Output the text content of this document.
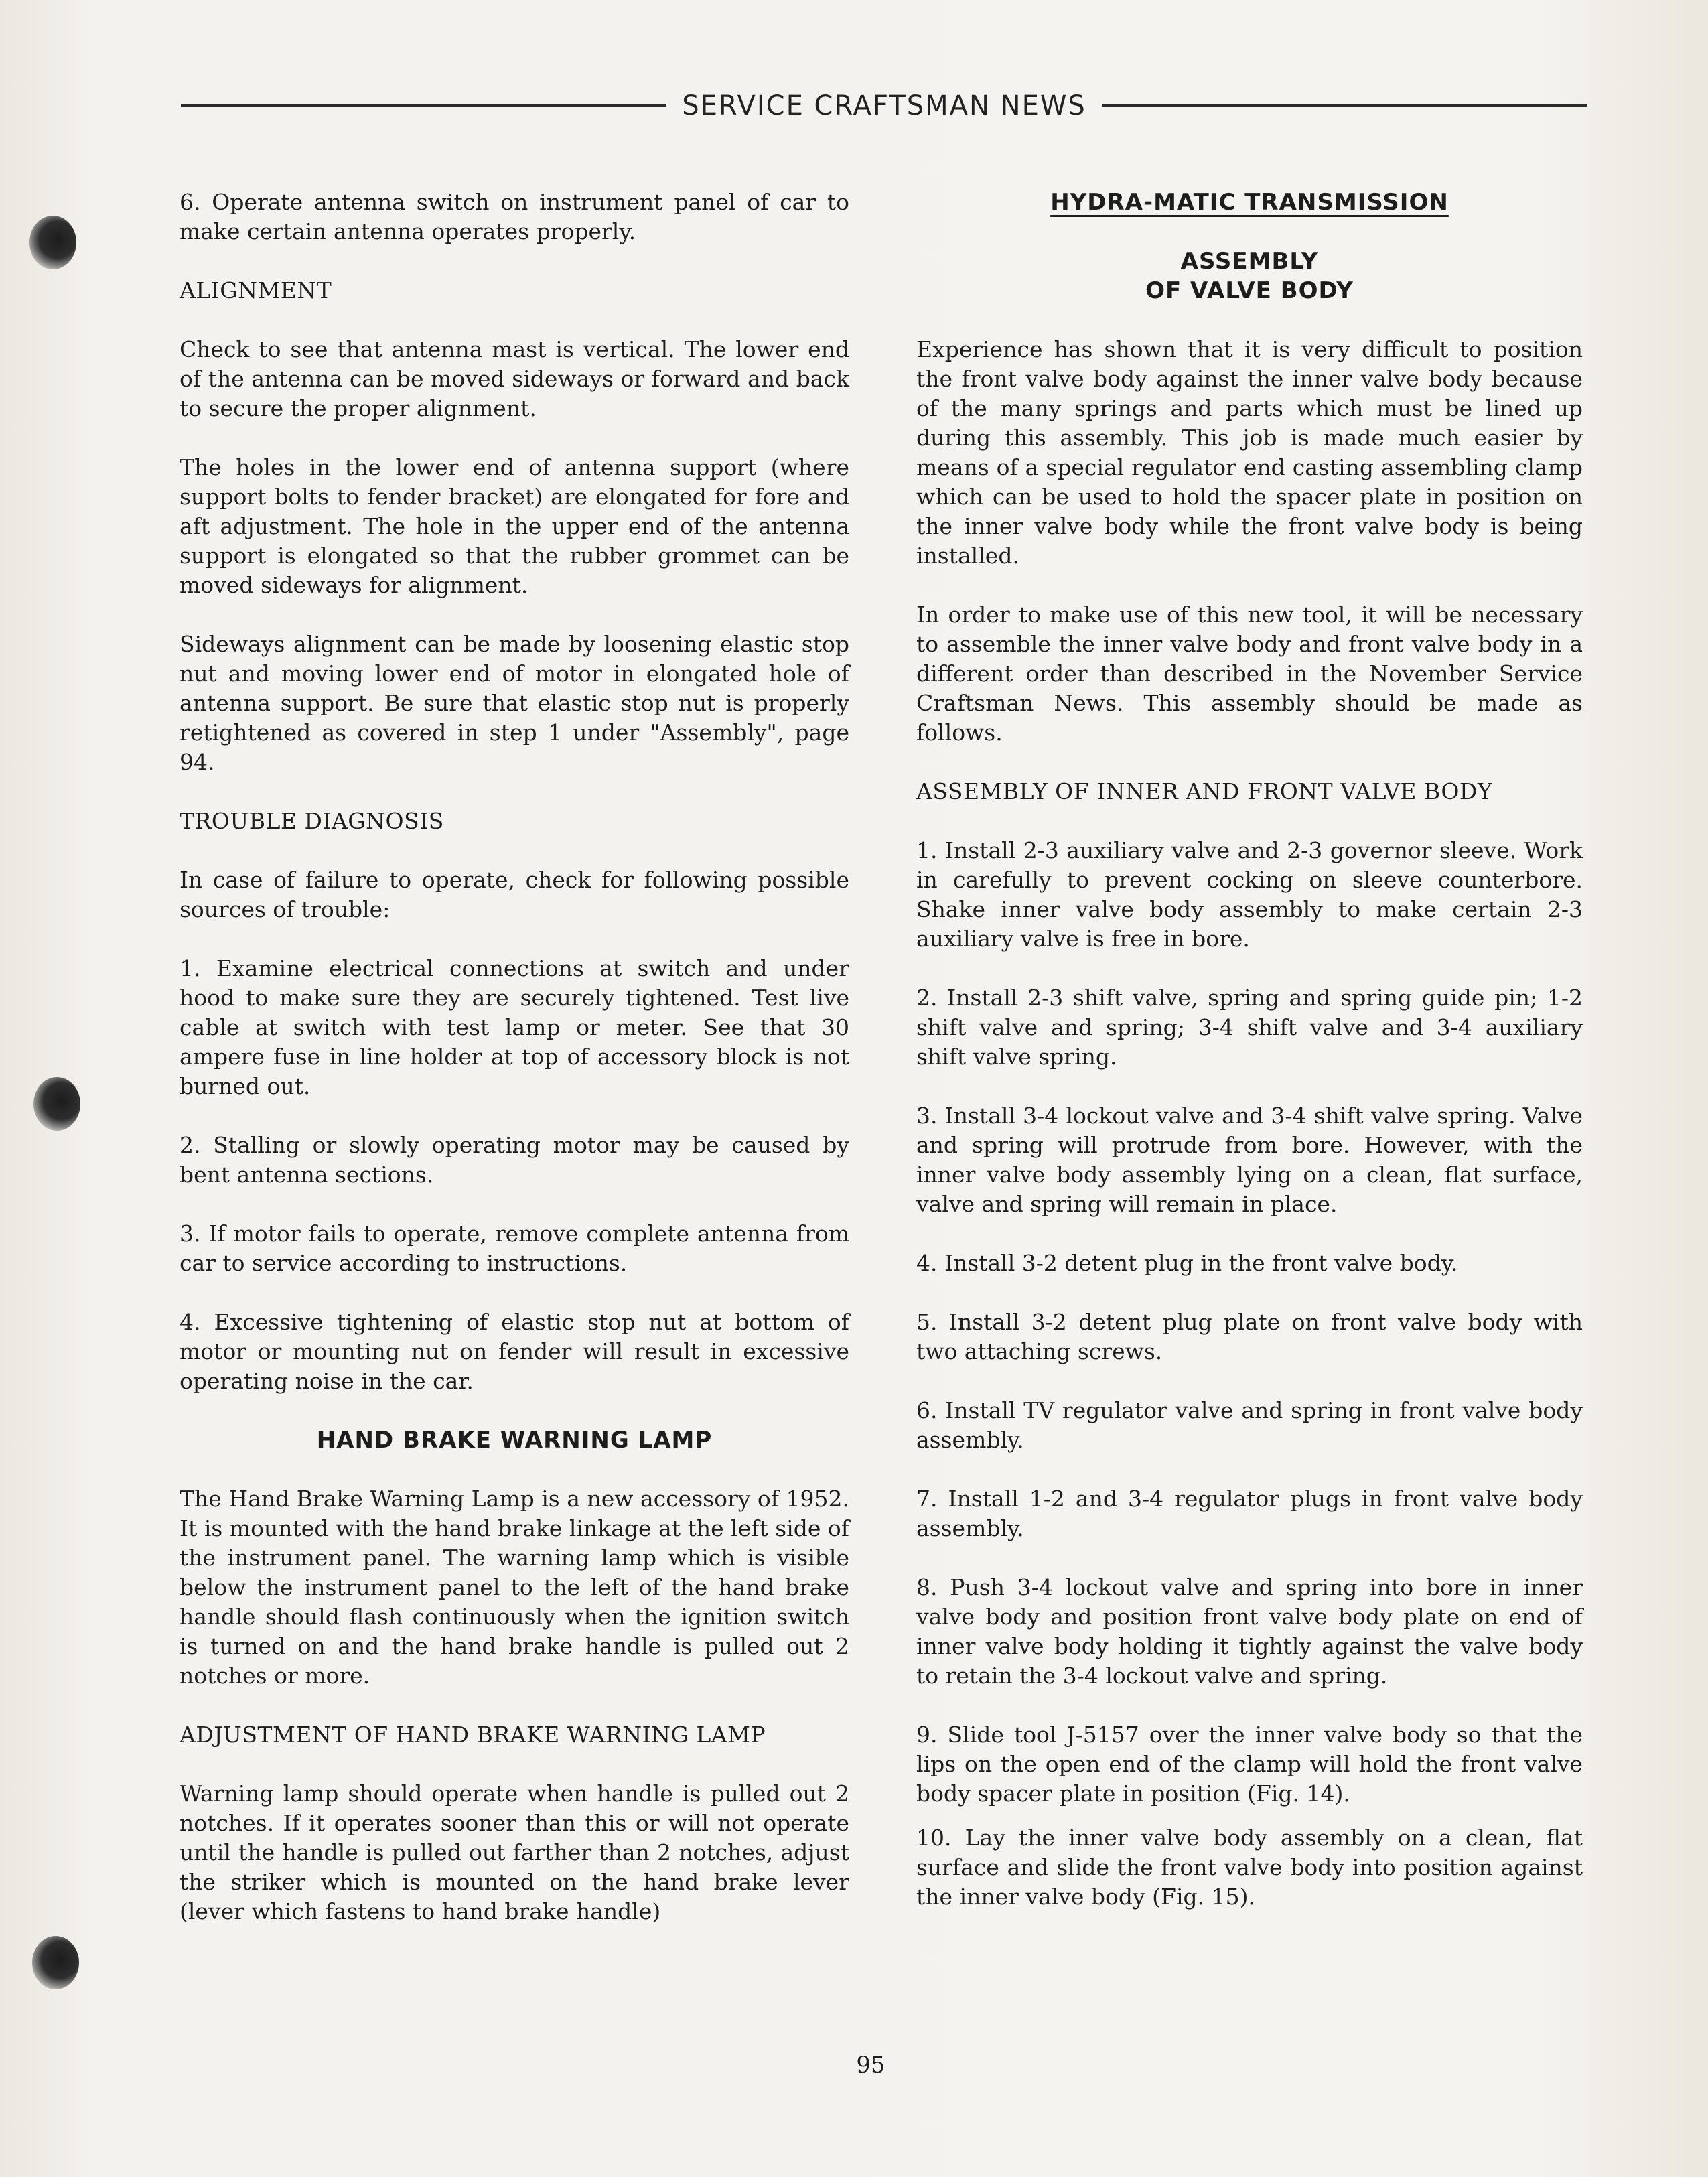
SERVICE CRAFTSMAN NEWS

6. Operate antenna switch on instrument panel of car to make certain antenna operates properly.

ALIGNMENT

Check to see that antenna mast is vertical. The lower end of the antenna can be moved sideways or forward and back to secure the proper alignment.

The holes in the lower end of antenna support (where support bolts to fender bracket) are elongated for fore and aft adjustment. The hole in the upper end of the antenna support is elongated so that the rubber grommet can be moved sideways for alignment.

Sideways alignment can be made by loosening elastic stop nut and moving lower end of motor in elongated hole of antenna support. Be sure that elastic stop nut is properly retightened as covered in step 1 under "Assembly", page 94.

TROUBLE DIAGNOSIS

In case of failure to operate, check for following possible sources of trouble:

1. Examine electrical connections at switch and under hood to make sure they are securely tightened. Test live cable at switch with test lamp or meter. See that 30 ampere fuse in line holder at top of accessory block is not burned out.

2. Stalling or slowly operating motor may be caused by bent antenna sections.

3. If motor fails to operate, remove complete antenna from car to service according to instructions.

4. Excessive tightening of elastic stop nut at bottom of motor or mounting nut on fender will result in excessive operating noise in the car.

HAND BRAKE WARNING LAMP

The Hand Brake Warning Lamp is a new accessory of 1952. It is mounted with the hand brake linkage at the left side of the instrument panel. The warning lamp which is visible below the instrument panel to the left of the hand brake handle should flash continuously when the ignition switch is turned on and the hand brake handle is pulled out 2 notches or more.

ADJUSTMENT OF HAND BRAKE WARNING LAMP

Warning lamp should operate when handle is pulled out 2 notches. If it operates sooner than this or will not operate until the handle is pulled out farther than 2 notches, adjust the striker which is mounted on the hand brake lever (lever which fastens to hand brake handle)

HYDRA-MATIC TRANSMISSION

ASSEMBLY

OF VALVE BODY

Experience has shown that it is very difficult to position the front valve body against the inner valve body because of the many springs and parts which must be lined up during this assembly. This job is made much easier by means of a special regulator end casting assembling clamp which can be used to hold the spacer plate in position on the inner valve body while the front valve body is being installed.

In order to make use of this new tool, it will be necessary to assemble the inner valve body and front valve body in a different order than described in the November Service Craftsman News. This assembly should be made as follows.

ASSEMBLY OF INNER AND FRONT VALVE BODY

1. Install 2-3 auxiliary valve and 2-3 governor sleeve. Work in carefully to prevent cocking on sleeve counterbore. Shake inner valve body assembly to make certain 2-3 auxiliary valve is free in bore.

2. Install 2-3 shift valve, spring and spring guide pin; 1-2 shift valve and spring; 3-4 shift valve and 3-4 auxiliary shift valve spring.

3. Install 3-4 lockout valve and 3-4 shift valve spring. Valve and spring will protrude from bore. However, with the inner valve body assembly lying on a clean, flat surface, valve and spring will remain in place.

4. Install 3-2 detent plug in the front valve body.

5. Install 3-2 detent plug plate on front valve body with two attaching screws.

6. Install TV regulator valve and spring in front valve body assembly.

7. Install 1-2 and 3-4 regulator plugs in front valve body assembly.

8. Push 3-4 lockout valve and spring into bore in inner valve body and position front valve body plate on end of inner valve body holding it tightly against the valve body to retain the 3-4 lockout valve and spring.

9. Slide tool J-5157 over the inner valve body so that the lips on the open end of the clamp will hold the front valve body spacer plate in position (Fig. 14).

10. Lay the inner valve body assembly on a clean, flat surface and slide the front valve body into position against the inner valve body (Fig. 15).

95
